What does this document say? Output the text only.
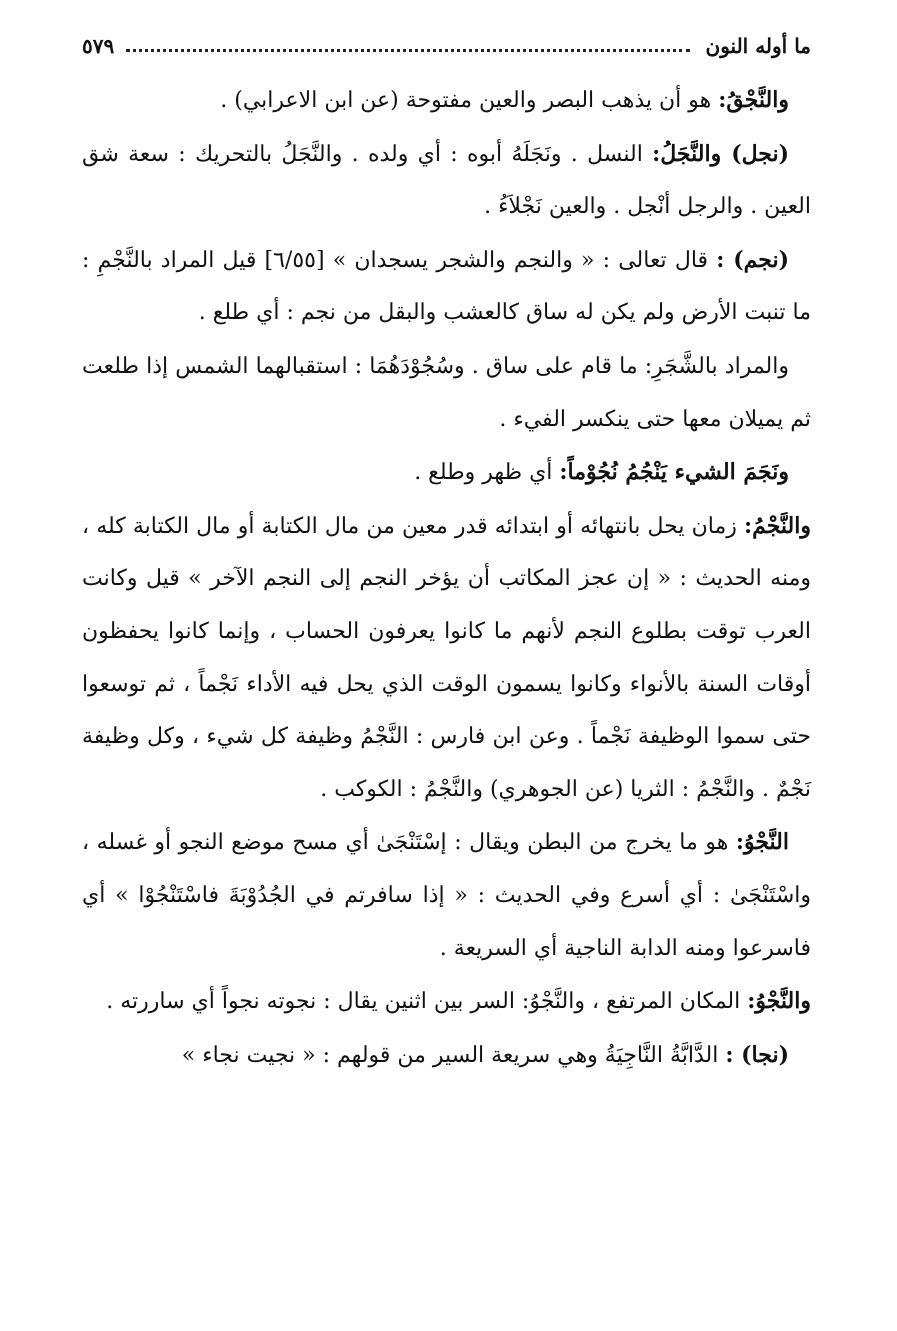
ما أوله النون
٥٧٩

والنَّجْقُ: هو أن يذهب البصر والعين مفتوحة (عن ابن الاعرابي) .

(نجل) والنَّجَلُ: النسل . ونَجَلَهُ أبوه : أي ولده . والنَّجَلُ بالتحريك : سعة شق العين . والرجل أنْجل . والعين نَجْلاَءُ .

(نجم) : قال تعالى : « والنجم والشجر يسجدان » [٦/٥٥] قيل المراد بالنَّجْمِ : ما تنبت الأرض ولم يكن له ساق كالعشب والبقل من نجم : أي طلع .

والمراد بالشَّجَرِ: ما قام على ساق . وسُجُوْدَهُمَا : استقبالهما الشمس إذا طلعت ثم يميلان معها حتى ينكسر الفيء .

ونَجَمَ الشيء يَنْجُمُ نُجُوْماً: أي ظهر وطلع .

والنَّجْمُ: زمان يحل بانتهائه أو ابتدائه قدر معين من مال الكتابة أو مال الكتابة كله ، ومنه الحديث : « إن عجز المكاتب أن يؤخر النجم إلى النجم الآخر » قيل وكانت العرب توقت بطلوع النجم لأنهم ما كانوا يعرفون الحساب ، وإنما كانوا يحفظون أوقات السنة بالأنواء وكانوا يسمون الوقت الذي يحل فيه الأداء نَجْماً ، ثم توسعوا حتى سموا الوظيفة نَجْماً . وعن ابن فارس : النَّجْمُ وظيفة كل شيء ، وكل وظيفة نَجْمٌ . والنَّجْمُ : الثريا (عن الجوهري) والنَّجْمُ : الكوكب .

النَّجْوُ: هو ما يخرج من البطن ويقال : إسْتَنْجَىٰ أي مسح موضع النجو أو غسله ، واسْتَنْجَىٰ : أي أسرع وفي الحديث : « إذا سافرتم في الجُدُوْبَةَ فاسْتَنْجُوْا » أي فاسرعوا ومنه الدابة الناجية أي السريعة .

والنَّجْوُ: المكان المرتفع ، والنَّجْوُ: السر بين اثنين يقال : نجوته نجواً أي ساررته .

(نجا) : الدَّابَّةُ النَّاجِيَةُ وهي سريعة السير من قولهم : « نجيت نجاء »
